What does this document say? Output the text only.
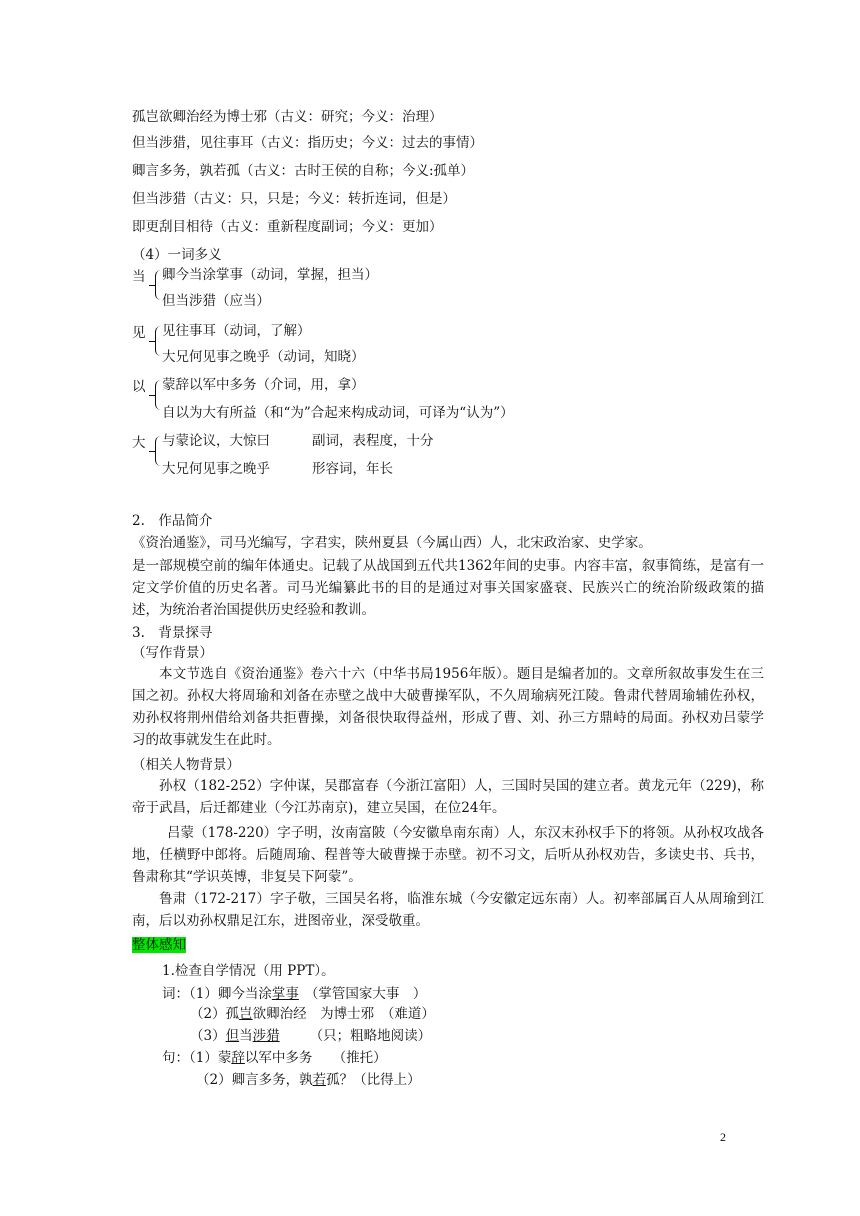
孤岂欲卿治经为博士邪（古义：研究；今义：治理）
但当涉猎，见往事耳（古义：指历史；今义：过去的事情）
卿言多务，孰若孤（古义：古时王侯的自称；今义:孤单）
但当涉猎（古义：只，只是；今义：转折连词，但是）
即更刮目相待（古义：重新程度副词；今义：更加）
（4）一词多义
当 卿今当涂掌事（动词，掌握，担当）
但当涉猎（应当）
见 见往事耳（动词，了解）
大兄何见事之晚乎（动词，知晓）
以 蒙辞以军中多务（介词，用，拿）
自以为大有所益（和“为”合起来构成动词，可译为“认为”）
大 与蒙论议，大惊曰	副词，表程度，十分
大兄何见事之晚乎	形容词，年长
2.　作品简介
《资治通鉴》，司马光编写，字君实，陕州夏县（今属山西）人，北宋政治家、史学家。
是一部规模空前的编年体通史。记载了从战国到五代共1362年间的史事。内容丰富，叙事简练，是富有一定文学价值的历史名著。司马光编纂此书的目的是通过对事关国家盛衰、民族兴亡的统治阶级政策的描述，为统治者治国提供历史经验和教训。
3.　背景探寻
（写作背景）
本文节选自《资治通鉴》卷六十六（中华书局1956年版）。题目是编者加的。文章所叙故事发生在三国之初。孙权大将周瑜和刘备在赤壁之战中大破曹操军队，不久周瑜病死江陵。鲁肃代替周瑜辅佐孙权，劝孙权将荆州借给刘备共拒曹操，刘备很快取得益州，形成了曹、刘、孙三方鼎峙的局面。孙权劝吕蒙学习的故事就发生在此时。
（相关人物背景）
孙权（182-252）字仲谋，吴郡富春（今浙江富阳）人，三国时吴国的建立者。黄龙元年（229)，称帝于武昌，后迁都建业（今江苏南京)，建立吴国，在位24年。
吕蒙（178-220）字子明，汝南富陂（今安徽阜南东南）人，东汉末孙权手下的将领。从孙权攻战各地，任横野中郎将。后随周瑜、程普等大破曹操于赤壁。初不习文，后听从孙权劝告，多读史书、兵书，鲁肃称其“学识英博，非复吴下阿蒙”。
鲁肃（172-217）字子敬，三国吴名将，临淮东城（今安徽定远东南）人。初率部属百人从周瑜到江南，后以劝孙权鼎足江东，进图帝业，深受敬重。
整体感知
1.检查自学情况（用 PPT）。
词：（1）卿今当涂掌事 （掌管国家大事　）
（2）孤岂欲卿治经　为博士邪　（难道）
（3）但当涉猎 （只；粗略地阅读）
句：（1）蒙辞以军中多务　　（推托）
（2）卿言多务，孰若孤？（比得上）
2
